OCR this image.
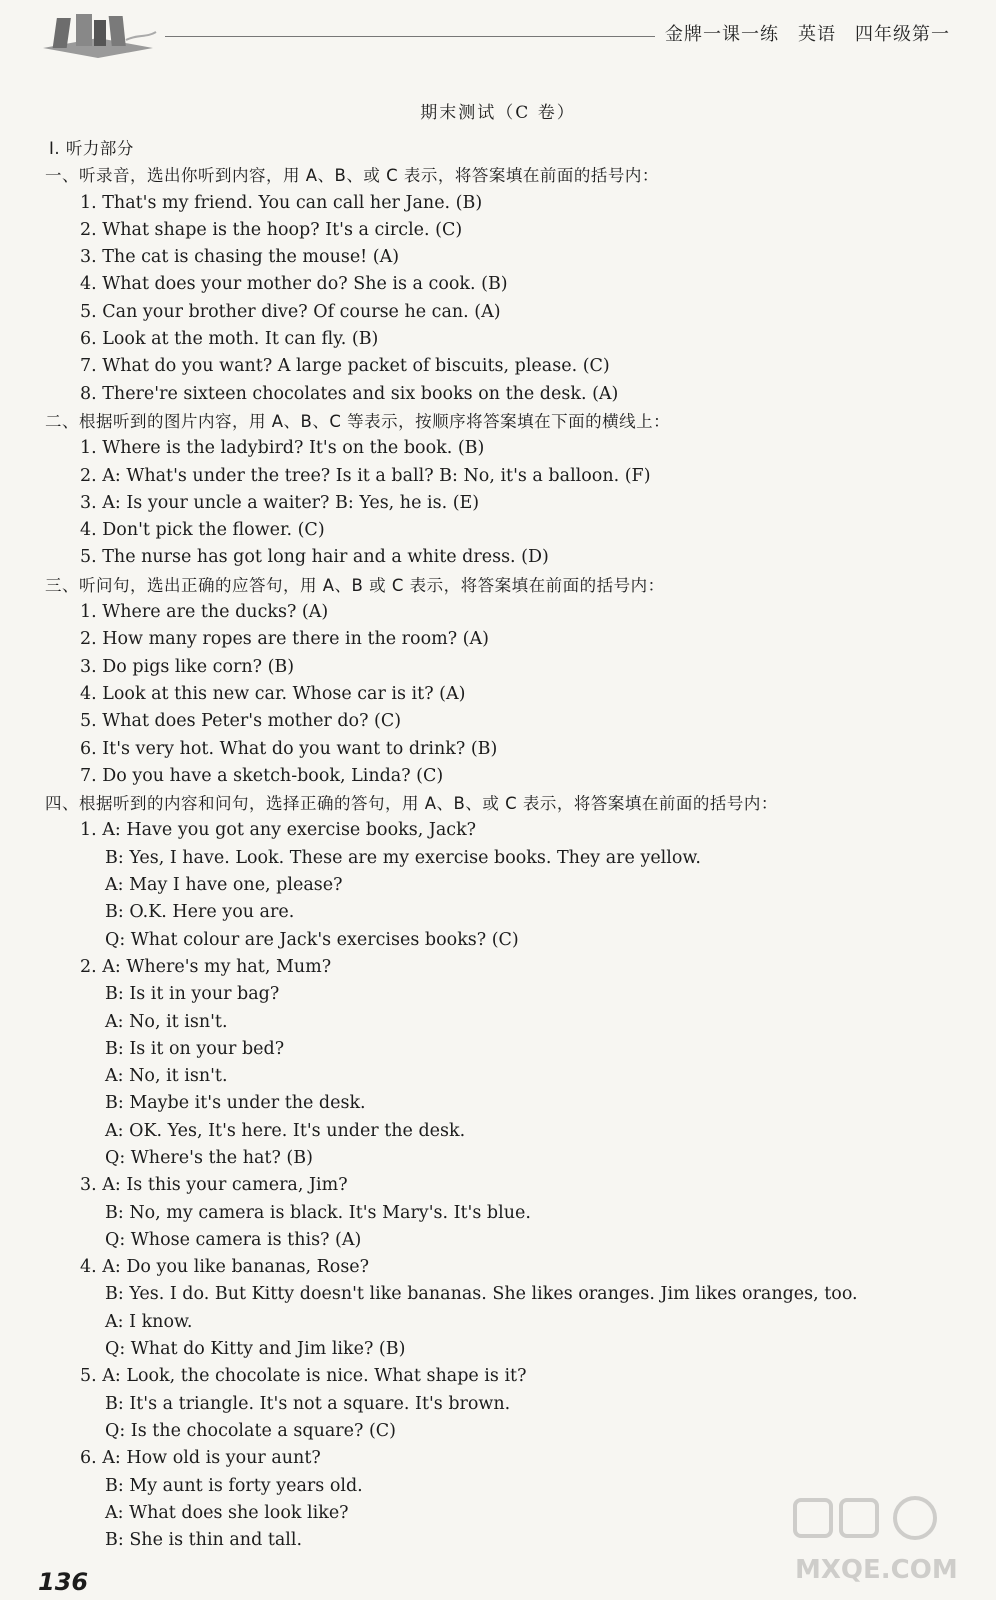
金牌一课一练　英语　四年级第一
期末测试（C 卷）
Ⅰ. 听力部分
一、听录音，选出你听到内容，用 A、B、或 C 表示，将答案填在前面的括号内：
1. That's my friend. You can call her Jane. (B)
2. What shape is the hoop? It's a circle. (C)
3. The cat is chasing the mouse! (A)
4. What does your mother do? She is a cook. (B)
5. Can your brother dive? Of course he can. (A)
6. Look at the moth. It can fly. (B)
7. What do you want? A large packet of biscuits, please. (C)
8. There're sixteen chocolates and six books on the desk. (A)
二、根据听到的图片内容，用 A、B、C 等表示，按顺序将答案填在下面的横线上：
1. Where is the ladybird? It's on the book. (B)
2. A: What's under the tree? Is it a ball? B: No, it's a balloon. (F)
3. A: Is your uncle a waiter? B: Yes, he is. (E)
4. Don't pick the flower. (C)
5. The nurse has got long hair and a white dress. (D)
三、听问句，选出正确的应答句，用 A、B 或 C 表示，将答案填在前面的括号内：
1. Where are the ducks? (A)
2. How many ropes are there in the room? (A)
3. Do pigs like corn? (B)
4. Look at this new car. Whose car is it? (A)
5. What does Peter's mother do? (C)
6. It's very hot. What do you want to drink? (B)
7. Do you have a sketch-book, Linda? (C)
四、根据听到的内容和问句，选择正确的答句，用 A、B、或 C 表示，将答案填在前面的括号内：
1. A: Have you got any exercise books, Jack?
B: Yes, I have. Look. These are my exercise books. They are yellow.
A: May I have one, please?
B: O.K. Here you are.
Q: What colour are Jack's exercises books? (C)
2. A: Where's my hat, Mum?
B: Is it in your bag?
A: No, it isn't.
B: Is it on your bed?
A: No, it isn't.
B: Maybe it's under the desk.
A: OK. Yes, It's here. It's under the desk.
Q: Where's the hat? (B)
3. A: Is this your camera, Jim?
B: No, my camera is black. It's Mary's. It's blue.
Q: Whose camera is this? (A)
4. A: Do you like bananas, Rose?
B: Yes. I do. But Kitty doesn't like bananas. She likes oranges. Jim likes oranges, too.
A: I know.
Q: What do Kitty and Jim like? (B)
5. A: Look, the chocolate is nice. What shape is it?
B: It's a triangle. It's not a square. It's brown.
Q: Is the chocolate a square? (C)
6. A: How old is your aunt?
B: My aunt is forty years old.
A: What does she look like?
B: She is thin and tall.
136	MXQE.COM
